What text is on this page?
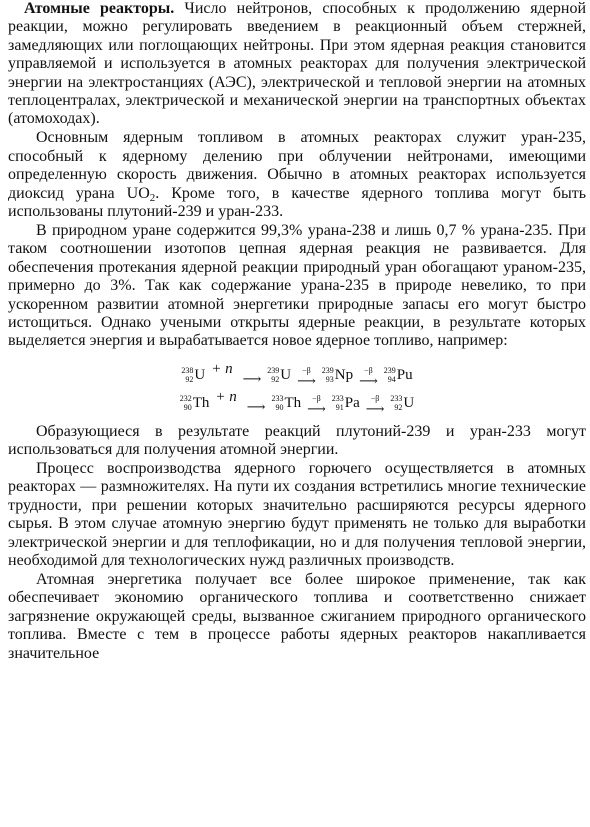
Атомные реакторы. Число нейтронов, способных к продолжению ядерной реакции, можно регулировать введением в реакционный объем стержней, замедляющих или поглощающих нейтроны. При этом ядерная реакция становится управляемой и используется в атомных реакторах для получения электрической энергии на электростанциях (АЭС), электрической и тепловой энергии на атомных теплоцентралах, электрической и механической энергии на транспортных объектах (атомоходах).

Основным ядерным топливом в атомных реакторах служит уран-235, способный к ядерному делению при облучении нейтронами, имеющими определенную скорость движения. Обычно в атомных реакторах используется диоксид урана $UO_2$. Кроме того, в качестве ядерного топлива могут быть использованы плутоний-239 и уран-233.

В природном уране содержится 99,3% урана-238 и лишь 0,7 % урана-235. При таком соотношении изотопов цепная ядерная реакция не развивается. Для обеспечения протекания ядерной реакции природный уран обогащают ураном-235, примерно до 3%. Так как содержание урана-235 в природе невелико, то при ускоренном развитии атомной энергетики природные запасы его могут быстро истощиться. Однако учеными открыты ядерные реакции, в результате которых выделяется энергия и вырабатывается новое ядерное топливо, например:

238
92 U + n
⟶
239
92 U −β
⟶
239
93 Np −β
⟶
239
94 Pu
232
90 Th + n
⟶
233
90 Th −β
⟶
233
91 Pa −β
⟶
233
92 U

Образующиеся в результате реакций плутоний-239 и уран-233 могут использоваться для получения атомной энергии.

Процесс воспроизводства ядерного горючего осуществляется в атомных реакторах — размножителях. На пути их создания встретились многие технические трудности, при решении которых значительно расширяются ресурсы ядерного сырья. В этом случае атомную энергию будут применять не только для выработки электрической энергии и для теплофикации, но и для получения тепловой энергии, необходимой для технологических нужд различных производств.

Атомная энергетика получает все более широкое применение, так как обеспечивает экономию органического топлива и соответственно снижает загрязнение окружающей среды, вызванное сжиганием природного органического топлива. Вместе с тем в процессе работы ядерных реакторов накапливается значительное
